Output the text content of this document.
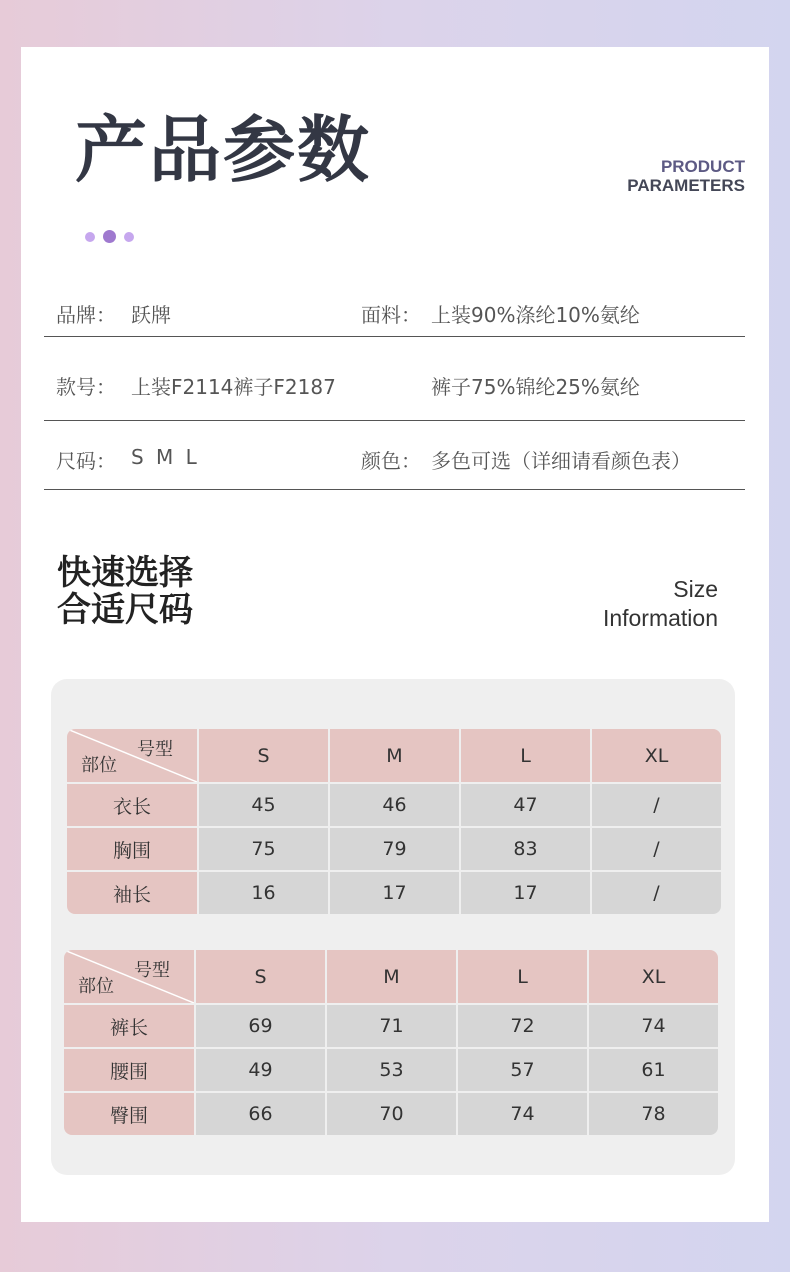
产品参数	PRODUCT
PARAMETERS
品牌： 跃牌	面料： 上装90%涤纶10%氨纶
款号： 上装F2114裤子F2187	裤子75%锦纶25%氨纶
尺码： S M L	颜色： 多色可选（详细请看颜色表）
快速选择
合适尺码
Size
Information
号型
部位	S	M	L	XL
衣长	45	46	47	/
胸围	75	79	83	/
袖长	16	17	17	/
号型
部位	S	M	L	XL
裤长	69	71	72	74
腰围	49	53	57	61
臀围	66	70	74	78
